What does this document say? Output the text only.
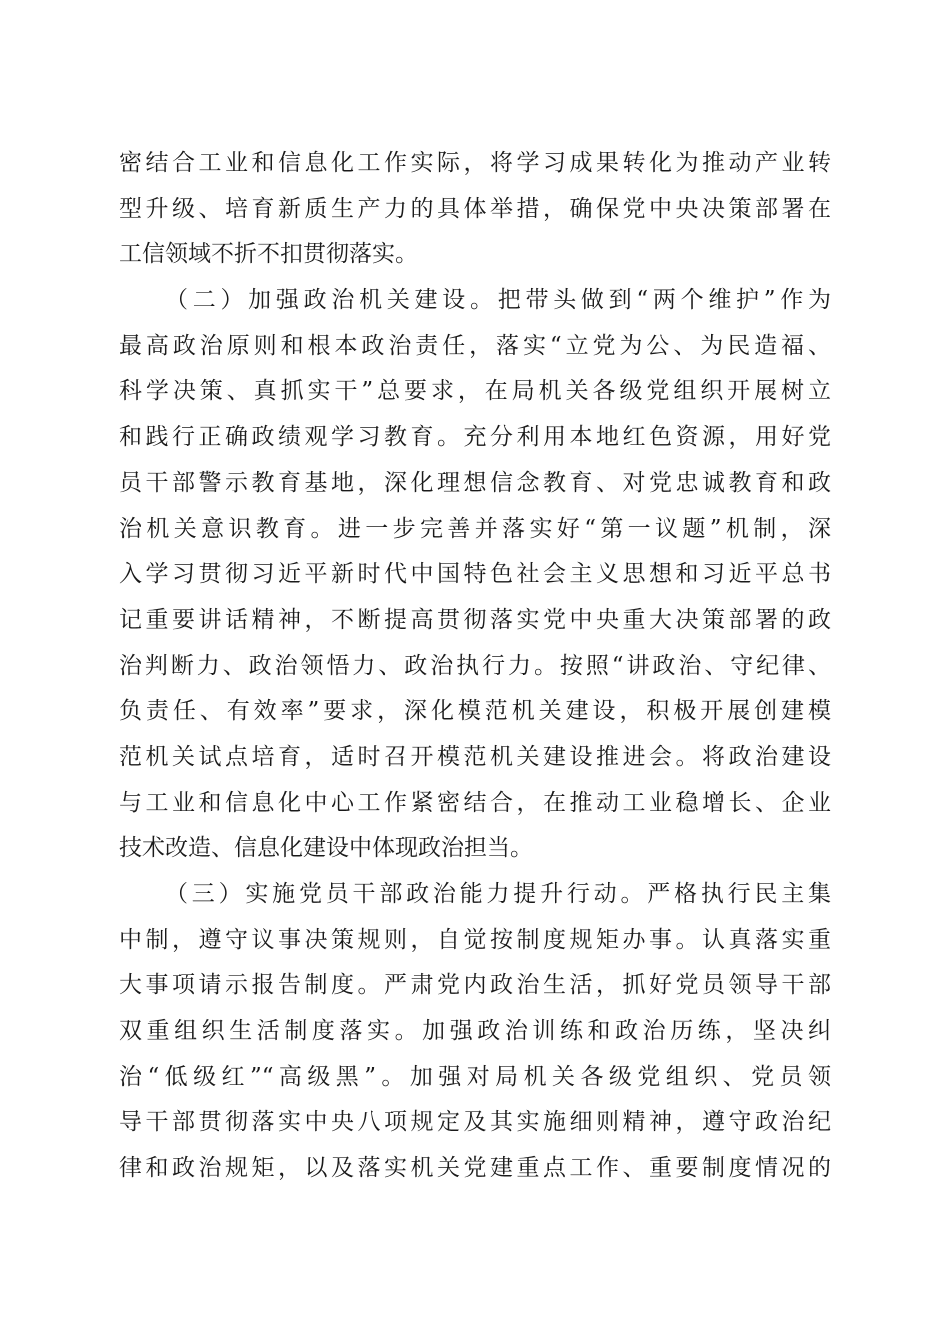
密结合工业和信息化工作实际，将学习成果转化为推动产业转
型升级、培育新质生产力的具体举措，确保党中央决策部署在
工信领域不折不扣贯彻落实。
（二）加强政治机关建设。把带头做到“两个维护”作为
最高政治原则和根本政治责任，落实“立党为公、为民造福、
科学决策、真抓实干”总要求，在局机关各级党组织开展树立
和践行正确政绩观学习教育。充分利用本地红色资源，用好党
员干部警示教育基地，深化理想信念教育、对党忠诚教育和政
治机关意识教育。进一步完善并落实好“第一议题”机制，深
入学习贯彻习近平新时代中国特色社会主义思想和习近平总书
记重要讲话精神，不断提高贯彻落实党中央重大决策部署的政
治判断力、政治领悟力、政治执行力。按照“讲政治、守纪律、
负责任、有效率”要求，深化模范机关建设，积极开展创建模
范机关试点培育，适时召开模范机关建设推进会。将政治建设
与工业和信息化中心工作紧密结合，在推动工业稳增长、企业
技术改造、信息化建设中体现政治担当。
（三）实施党员干部政治能力提升行动。严格执行民主集
中制，遵守议事决策规则，自觉按制度规矩办事。认真落实重
大事项请示报告制度。严肃党内政治生活，抓好党员领导干部
双重组织生活制度落实。加强政治训练和政治历练，坚决纠
治“低级红”“高级黑”。加强对局机关各级党组织、党员领
导干部贯彻落实中央八项规定及其实施细则精神，遵守政治纪
律和政治规矩，以及落实机关党建重点工作、重要制度情况的
